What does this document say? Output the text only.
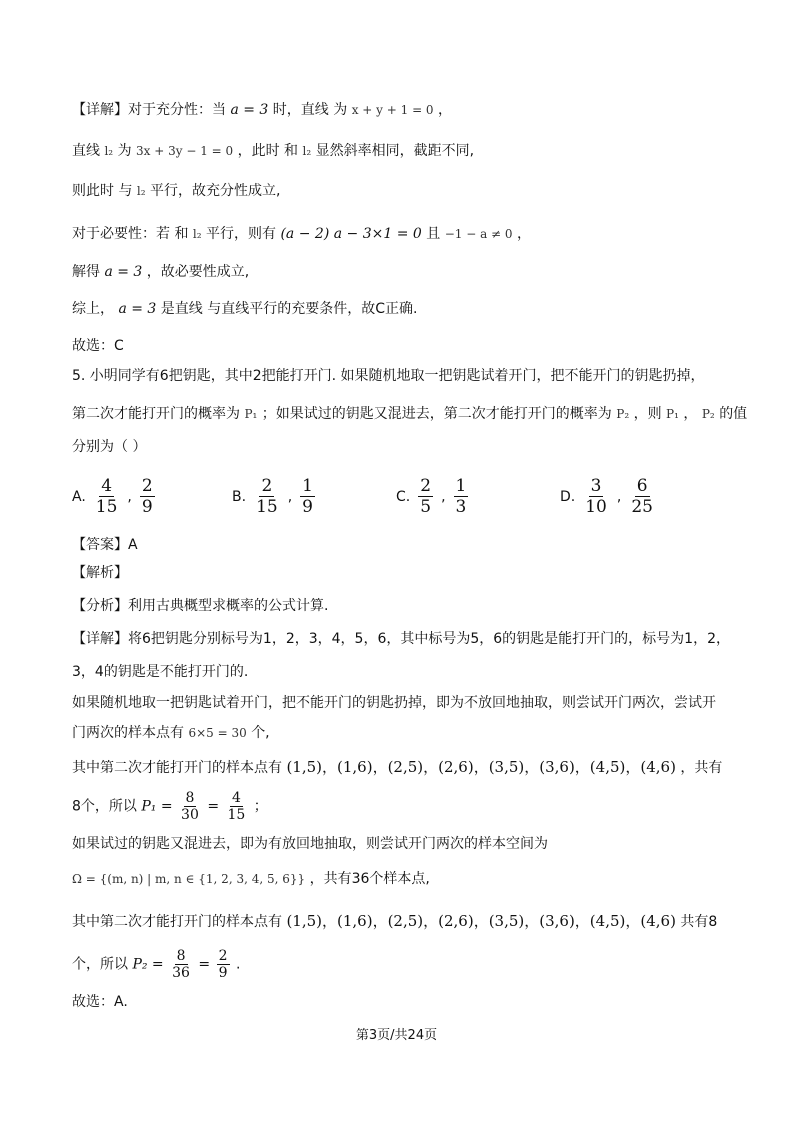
【详解】对于充分性：当 a = 3 时，直线 为 x + y + 1 = 0 ，
直线 l₂ 为 3x + 3y − 1 = 0 ，此时 和 l₂ 显然斜率相同，截距不同,
则此时 与 l₂ 平行，故充分性成立,
对于必要性：若 和 l₂ 平行，则有 (a − 2) a − 3×1 = 0 且 −1 − a ≠ 0 ，
解得 a = 3 ，故必要性成立,
综上， a = 3 是直线 与直线平行的充要条件，故C正确.
故选：C
5. 小明同学有6把钥匙，其中2把能打开门. 如果随机地取一把钥匙试着开门，把不能开门的钥匙扔掉，
第二次才能打开门的概率为 P₁ ；如果试过的钥匙又混进去，第二次才能打开门的概率为 P₂ ，则 P₁ ， P₂ 的值
分别为（ ）
A. $\frac{4}{15}$ , $\frac{2}{9}$	B. $\frac{2}{15}$ , $\frac{1}{9}$	C. $\frac{2}{5}$ , $\frac{1}{3}$	D. $\frac{3}{10}$ , $\frac{6}{25}$
【答案】A
【解析】
【分析】利用古典概型求概率的公式计算.
【详解】将6把钥匙分别标号为1，2，3，4，5，6，其中标号为5，6的钥匙是能打开门的，标号为1，2，
3，4的钥匙是不能打开门的.
如果随机地取一把钥匙试着开门，把不能开门的钥匙扔掉，即为不放回地抽取，则尝试开门两次，尝试开
门两次的样本点有 6×5 = 30 个,
其中第二次才能打开门的样本点有 (1,5)，(1,6)，(2,5)，(2,6)，(3,5)，(3,6)，(4,5)，(4,6) ，共有
8个，所以 $P_1 = \frac{8}{30} = \frac{4}{15}$ ；
如果试过的钥匙又混进去，即为有放回地抽取，则尝试开门两次的样本空间为
Ω = {(m, n) | m, n ∈ {1, 2, 3, 4, 5, 6}} ，共有36个样本点,
其中第二次才能打开门的样本点有 (1,5)，(1,6)，(2,5)，(2,6)，(3,5)，(3,6)，(4,5)，(4,6) 共有8
个，所以 $P_2 = \frac{8}{36} = \frac{2}{9}$ .
故选：A.
第3页/共24页
